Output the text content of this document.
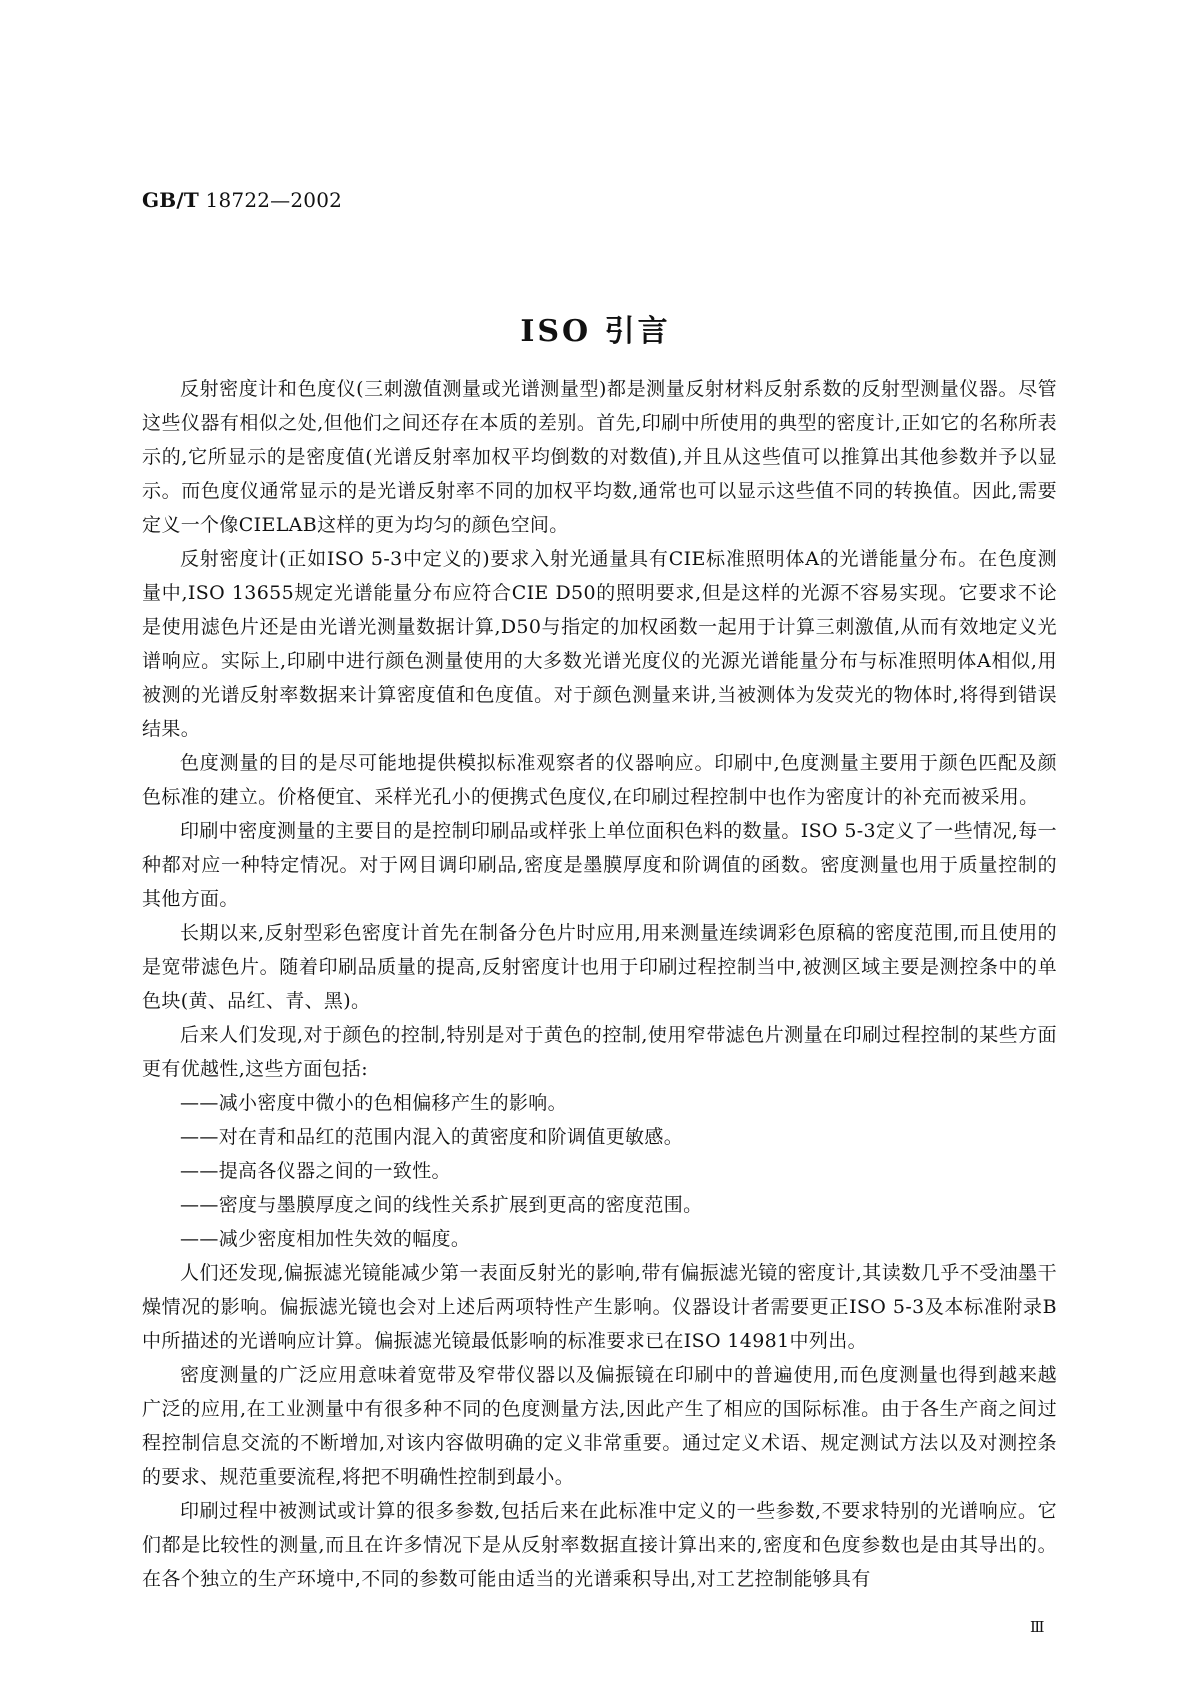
GB/T 18722—2002
ISO 引言

反射密度计和色度仪(三刺激值测量或光谱测量型)都是测量反射材料反射系数的反射型测量仪器。尽管这些仪器有相似之处,但他们之间还存在本质的差别。首先,印刷中所使用的典型的密度计,正如它的名称所表示的,它所显示的是密度值(光谱反射率加权平均倒数的对数值),并且从这些值可以推算出其他参数并予以显示。而色度仪通常显示的是光谱反射率不同的加权平均数,通常也可以显示这些值不同的转换值。因此,需要定义一个像CIELAB这样的更为均匀的颜色空间。

反射密度计(正如ISO 5-3中定义的)要求入射光通量具有CIE标准照明体A的光谱能量分布。在色度测量中,ISO 13655规定光谱能量分布应符合CIE D50的照明要求,但是这样的光源不容易实现。它要求不论是使用滤色片还是由光谱光测量数据计算,D50与指定的加权函数一起用于计算三刺激值,从而有效地定义光谱响应。实际上,印刷中进行颜色测量使用的大多数光谱光度仪的光源光谱能量分布与标准照明体A相似,用被测的光谱反射率数据来计算密度值和色度值。对于颜色测量来讲,当被测体为发荧光的物体时,将得到错误结果。

色度测量的目的是尽可能地提供模拟标准观察者的仪器响应。印刷中,色度测量主要用于颜色匹配及颜色标准的建立。价格便宜、采样光孔小的便携式色度仪,在印刷过程控制中也作为密度计的补充而被采用。

印刷中密度测量的主要目的是控制印刷品或样张上单位面积色料的数量。ISO 5-3定义了一些情况,每一种都对应一种特定情况。对于网目调印刷品,密度是墨膜厚度和阶调值的函数。密度测量也用于质量控制的其他方面。

长期以来,反射型彩色密度计首先在制备分色片时应用,用来测量连续调彩色原稿的密度范围,而且使用的是宽带滤色片。随着印刷品质量的提高,反射密度计也用于印刷过程控制当中,被测区域主要是测控条中的单色块(黄、品红、青、黑)。

后来人们发现,对于颜色的控制,特别是对于黄色的控制,使用窄带滤色片测量在印刷过程控制的某些方面更有优越性,这些方面包括:

——减小密度中微小的色相偏移产生的影响。

——对在青和品红的范围内混入的黄密度和阶调值更敏感。

——提高各仪器之间的一致性。

——密度与墨膜厚度之间的线性关系扩展到更高的密度范围。

——减少密度相加性失效的幅度。

人们还发现,偏振滤光镜能减少第一表面反射光的影响,带有偏振滤光镜的密度计,其读数几乎不受油墨干燥情况的影响。偏振滤光镜也会对上述后两项特性产生影响。仪器设计者需要更正ISO 5-3及本标准附录B中所描述的光谱响应计算。偏振滤光镜最低影响的标准要求已在ISO 14981中列出。

密度测量的广泛应用意味着宽带及窄带仪器以及偏振镜在印刷中的普遍使用,而色度测量也得到越来越广泛的应用,在工业测量中有很多种不同的色度测量方法,因此产生了相应的国际标准。由于各生产商之间过程控制信息交流的不断增加,对该内容做明确的定义非常重要。通过定义术语、规定测试方法以及对测控条的要求、规范重要流程,将把不明确性控制到最小。

印刷过程中被测试或计算的很多参数,包括后来在此标准中定义的一些参数,不要求特别的光谱响应。它们都是比较性的测量,而且在许多情况下是从反射率数据直接计算出来的,密度和色度参数也是由其导出的。在各个独立的生产环境中,不同的参数可能由适当的光谱乘积导出,对工艺控制能够具有

Ⅲ
